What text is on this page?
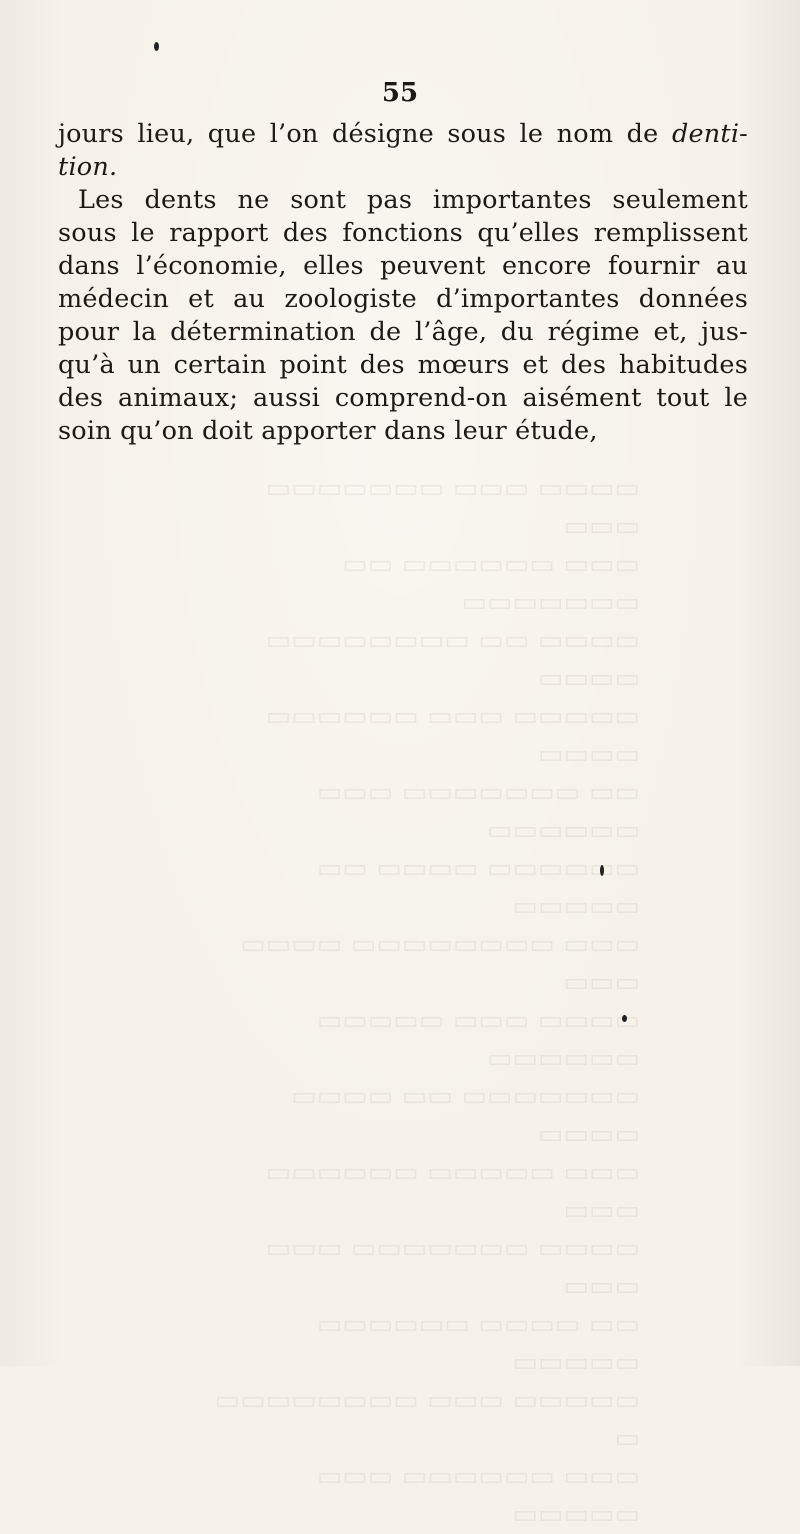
▭▭▭▭ ▭▭▭ ▭▭▭▭▭▭▭ ▭▭▭
▭▭▭ ▭▭▭▭▭▭ ▭▭ ▭▭▭▭▭▭▭
▭▭▭▭ ▭▭ ▭▭▭▭▭▭▭▭ ▭▭▭▭
▭▭▭▭▭ ▭▭▭ ▭▭▭▭▭▭ ▭▭▭▭
▭▭ ▭▭▭▭▭▭▭ ▭▭▭ ▭▭▭▭▭▭
▭▭▭▭▭▭ ▭▭▭▭ ▭▭ ▭▭▭▭▭
▭▭▭ ▭▭▭▭▭▭▭▭ ▭▭▭▭ ▭▭▭
▭▭▭▭ ▭▭▭ ▭▭▭▭▭ ▭▭▭▭▭▭
▭▭▭▭▭▭▭ ▭▭ ▭▭▭▭ ▭▭▭▭
▭▭▭ ▭▭▭▭▭ ▭▭▭▭▭▭ ▭▭▭
▭▭▭▭ ▭▭▭▭▭▭▭ ▭▭▭ ▭▭▭
▭▭ ▭▭▭▭ ▭▭▭▭▭▭ ▭▭▭▭▭
▭▭▭▭▭ ▭▭▭ ▭▭▭▭▭▭▭▭ ▭
▭▭▭ ▭▭▭▭▭▭ ▭▭▭ ▭▭▭▭▭
55
jours lieu, que l’on désigne sous le nom de denti-
tion.
Les dents ne sont pas importantes seulement
sous le rapport des fonctions qu’elles remplissent
dans l’économie, elles peuvent encore fournir au
médecin et au zoologiste d’importantes données
pour la détermination de l’âge, du régime et, jus-
qu’à un certain point des mœurs et des habitudes
des animaux; aussi comprend-on aisément tout le
soin qu’on doit apporter dans leur étude,
